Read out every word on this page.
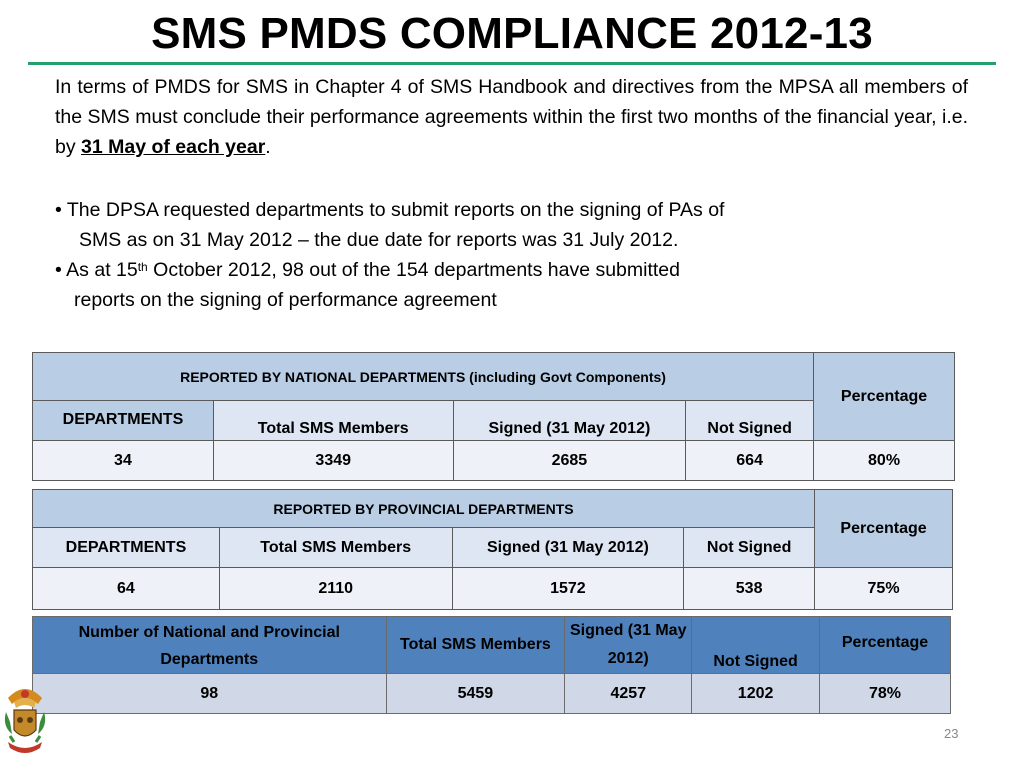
SMS PMDS COMPLIANCE 2012-13
In terms of PMDS for SMS in Chapter 4 of SMS Handbook and directives from the MPSA all members of the SMS must conclude their performance agreements within the first two months of the financial year, i.e. by 31 May of each year.
• The DPSA requested departments to submit reports on the signing of PAs of
SMS as on 31 May 2012 – the due date for reports was 31 July 2012.
• As at 15th October 2012, 98 out of the 154 departments have submitted
reports on the signing of performance agreement
REPORTED BY NATIONAL DEPARTMENTS (including Govt Components)				Percentage
DEPARTMENTS	Total SMS Members	Signed (31 May 2012)	Not Signed	
34	3349	2685	664	80%
REPORTED BY PROVINCIAL DEPARTMENTS				Percentage
DEPARTMENTS	Total SMS Members	Signed (31 May 2012)	Not Signed	
64	2110	1572	538	75%
Number of National and Provincial Departments	Total SMS Members	Signed (31 May 2012)	Not Signed	Percentage
98	5459	4257	1202	78%
23
